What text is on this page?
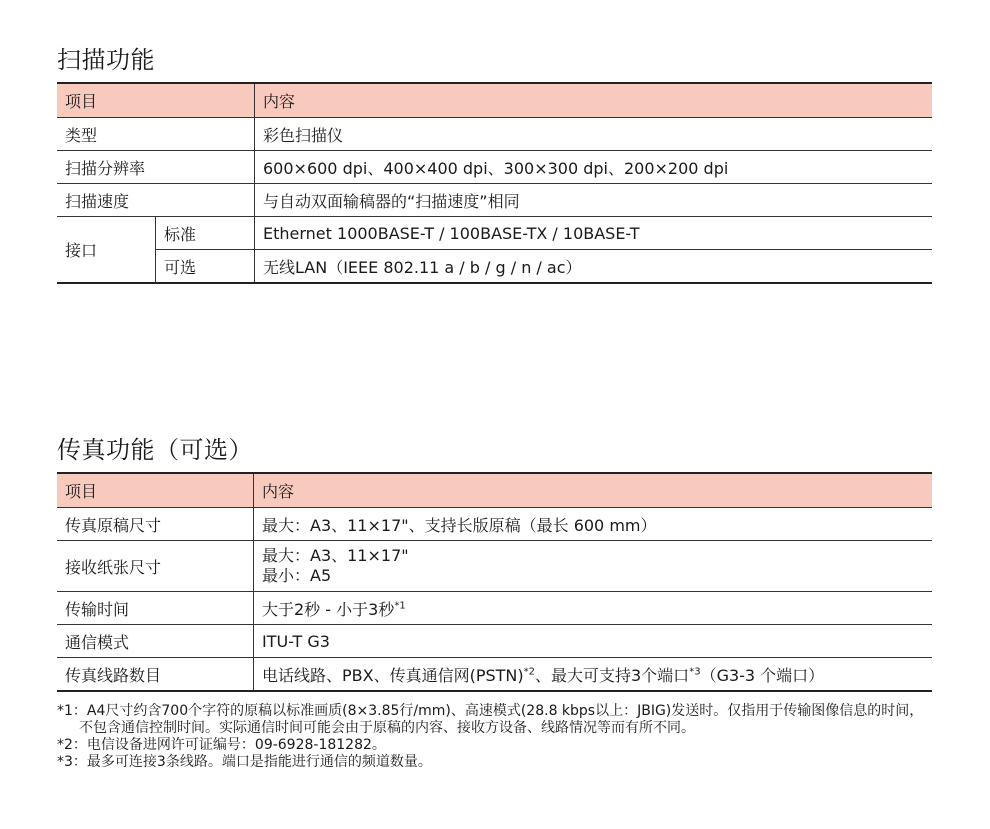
扫描功能
项目		内容
类型		彩色扫描仪
扫描分辨率		600×600 dpi、400×400 dpi、300×300 dpi、200×200 dpi
扫描速度		与自动双面输稿器的“扫描速度”相同
接口	标准	Ethernet 1000BASE-T / 100BASE-TX / 10BASE-T
	可选	无线LAN（IEEE 802.11 a / b / g / n / ac）
传真功能（可选）
项目	内容
传真原稿尺寸	最大：A3、11×17"、支持长版原稿（最长 600 mm）
接收纸张尺寸	最大：A3、11×17"
最小：A5

传输时间	大于2秒 - 小于3秒$^{*1}$
通信模式	ITU-T G3
传真线路数目	电话线路、PBX、传真通信网(PSTN)$^{*2}$、最大可支持3个端口$^{*3}$（G3-3 个端口）

*1：A4尺寸约含700个字符的原稿以标准画质(8×3.85行/mm)、高速模式(28.8 kbps以上：JBIG)发送时。仅指用于传输图像信息的时间，不包含通信控制时间。实际通信时间可能会由于原稿的内容、接收方设备、线路情况等而有所不同。

*2：电信设备进网许可证编号：09-6928-181282。

*3：最多可连接3条线路。端口是指能进行通信的频道数量。
